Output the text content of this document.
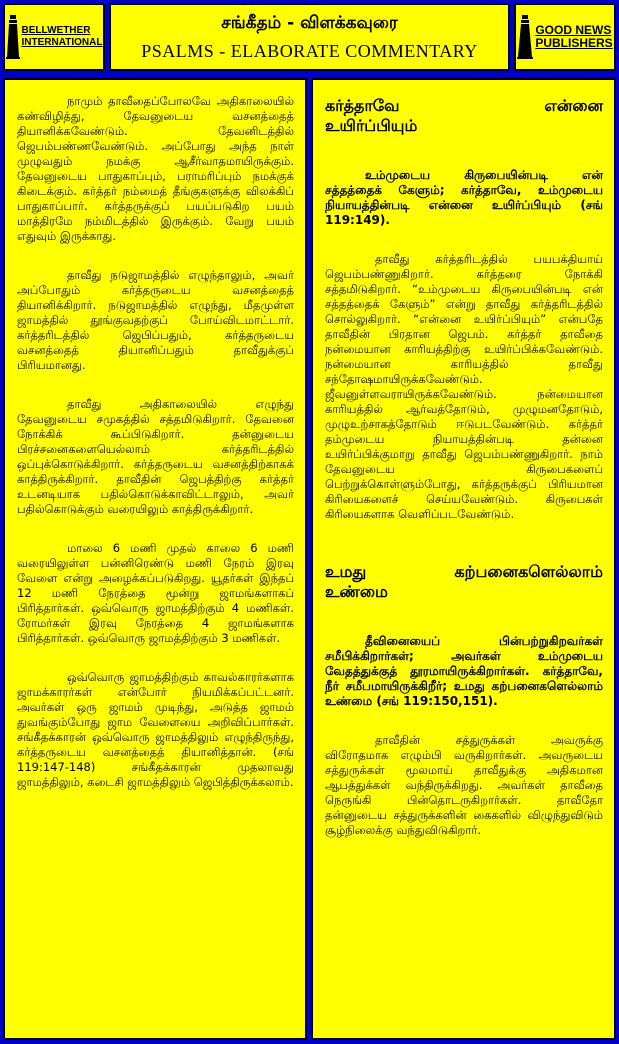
BELLWETHER
INTERNATIONAL
சங்கீதம் - விளக்கவுரை
PSALMS - ELABORATE COMMENTARY
GOOD NEWS
PUBLISHERS

நாமும் தாவீதைப்போலவே அதிகாலையில் கண்விழித்து, தேவனுடைய வசனத்தைத் தியானிக்கவேண்டும். தேவனிடத்தில் ஜெபம்பண்ணவேண்டும். அப்போது அந்த நாள் முழுவதும் நமக்கு ஆசீர்வாதமாயிருக்கும். தேவனுடைய பாதுகாப்பும், பராமரிப்பும் நமக்குக் கிடைக்கும். கர்த்தர் நம்மைத் தீங்குகளுக்கு விலக்கிப் பாதுகாப்பார். கர்த்தருக்குப் பயப்படுகிற பயம் மாத்திரமே நம்மிடத்தில் இருக்கும். வேறு பயம் எதுவும் இருக்காது.

தாவீது நடுஜாமத்தில் எழுந்தாலும், அவர் அப்போதும் கர்த்தருடைய வசனத்தைத் தியானிக்கிறார். நடுஜாமத்தில் எழுந்து, மீதமுள்ள ஜாமத்தில் தூங்குவதற்குப் போய்விடமாட்டார். கர்த்தரிடத்தில் ஜெபிப்பதும், கர்த்தருடைய வசனத்தைத் தியானிப்பதும் தாவீதுக்குப் பிரியமானது.

தாவீது அதிகாலையில் எழுந்து தேவனுடைய சமுகத்தில் சத்தமிடுகிறார். தேவனை நோக்கிக் கூப்பிடுகிறார். தன்னுடைய பிரச்சனைகளையெல்லாம் கர்த்தரிடத்தில் ஒப்புக்கொடுக்கிறார். கர்த்தருடைய வசனத்திற்காகக் காத்திருக்கிறார். தாவீதின் ஜெபத்திற்கு கர்த்தர் உடனடியாக பதில்கொடுக்காவிட்டாலும், அவர் பதில்கொடுக்கும் வரையிலும் காத்திருக்கிறார்.

மாலை 6 மணி முதல் காலை 6 மணி வரையிலுள்ள பன்னிரெண்டு மணி நேரம் இரவு வேளை என்று அழைக்கப்படுகிறது. யூதர்கள் இந்தப் 12 மணி நேரத்தை மூன்று ஜாமங்களாகப் பிரித்தார்கள். ஒவ்வொரு ஜாமத்திற்கும் 4 மணிகள். ரோமர்கள் இரவு நேரத்தை 4 ஜாமங்களாக பிரித்தார்கள். ஒவ்வொரு ஜாமத்திற்கும் 3 மணிகள்.

ஒவ்வொரு ஜாமத்திற்கும் காவல்காரர்களாக ஜாமக்காரர்கள் என்போர் நியமிக்கப்பட்டனர். அவர்கள் ஒரு ஜாமம் முடிந்து, அடுத்த ஜாமம் துவங்கும்போது ஜாம வேளையை அறிவிப்பார்கள். சங்கீதக்காரன் ஒவ்வொரு ஜாமத்திலும் எழுந்திருந்து, கர்த்தருடைய வசனத்தைத் தியானித்தான். (சங் 119:147-148) சங்கீதக்காரன் முதலாவது ஜாமத்திலும், கடைசி ஜாமத்திலும் ஜெபித்திருக்கலாம்.

கர்த்தாவே என்னை
உயிர்ப்பியும்

உம்முடைய கிருபையின்படி என் சத்தத்தைக் கேளும்; கர்த்தாவே, உம்முடைய நியாயத்தின்படி என்னை உயிர்ப்பியும் (சங் 119:149).

தாவீது கர்த்தரிடத்தில் பயபக்தியாய் ஜெபம்பண்ணுகிறார். கர்த்தரை நோக்கி சத்தமிடுகிறார். “உம்முடைய கிருபையின்படி என் சத்தத்தைக் கேளும்” என்று தாவீது கர்த்தரிடத்தில் சொல்லுகிறார். “என்னை உயிர்ப்பியும்” என்பதே தாவீதின் பிரதான ஜெபம். கர்த்தர் தாவீதை நன்மையான காரியத்திற்கு உயிர்ப்பிக்கவேண்டும். நன்மையான காரியத்தில் தாவீது சந்தோஷமாயிருக்கவேண்டும். ஜீவனுள்ளவராயிருக்கவேண்டும். நன்மையான காரியத்தில் ஆர்வத்தோடும், முழுமனதோடும், முழுஉற்சாகத்தோடும் ஈடுபடவேண்டும். கர்த்தர் தம்முடைய நியாயத்தின்படி தன்னை உயிர்ப்பிக்குமாறு தாவீது ஜெபம்பண்ணுகிறார். நாம் தேவனுடைய கிருபைகளைப் பெற்றுக்கொள்ளும்போது, கர்த்தருக்குப் பிரியமான கிரியைகளைச் செய்யவேண்டும். கிருபைகள் கிரியைகளாக வெளிப்படவேண்டும்.

உமது கற்பனைகளெல்லாம்
உண்மை

தீவினையைப் பின்பற்றுகிறவர்கள் சமீபிக்கிறார்கள்; அவர்கள் உம்முடைய வேதத்துக்குத் தூரமாயிருக்கிறார்கள். கர்த்தாவே, நீர் சமீபமாயிருக்கிறீர்; உமது கற்பனைகளெல்லாம் உண்மை (சங் 119:150,151).

தாவீதின் சத்துருக்கள் அவருக்கு விரோதமாக எழும்பி வருகிறார்கள். அவருடைய சத்துருக்கள் மூலமாய் தாவீதுக்கு அதிகமான ஆபத்துக்கள் வந்திருக்கிறது. அவர்கள் தாவீதை நெருங்கி பின்தொடருகிறார்கள். தாவீதோ தன்னுடைய சத்துருக்களின் கைகளில் விழுந்துவிடும் சூழ்நிலைக்கு வந்துவிடுகிறார்.
